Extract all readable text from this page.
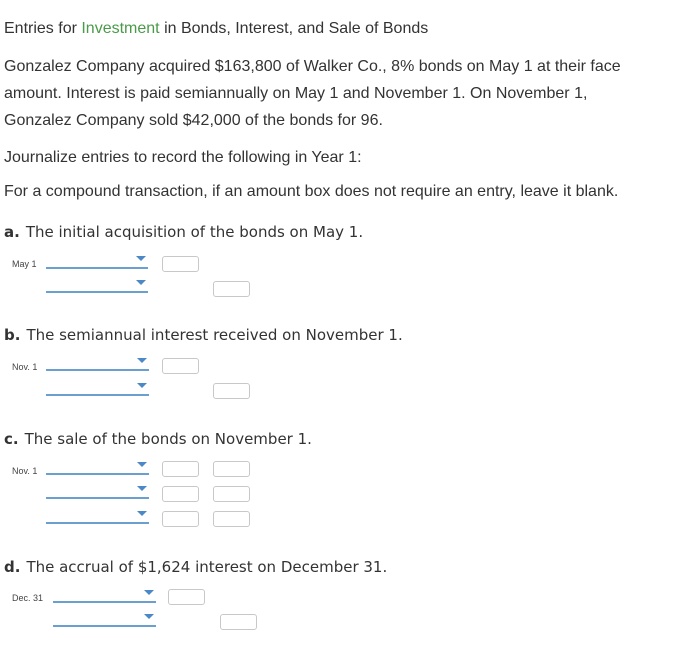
Entries for Investment in Bonds, Interest, and Sale of Bonds
Gonzalez Company acquired $163,800 of Walker Co., 8% bonds on May 1 at their face
amount. Interest is paid semiannually on May 1 and November 1. On November 1,
Gonzalez Company sold $42,000 of the bonds for 96.
Journalize entries to record the following in Year 1:
For a compound transaction, if an amount box does not require an entry, leave it blank.
a. The initial acquisition of the bonds on May 1.
May 1
b. The semiannual interest received on November 1.
Nov. 1
c. The sale of the bonds on November 1.
Nov. 1
d. The accrual of $1,624 interest on December 31.
Dec. 31
